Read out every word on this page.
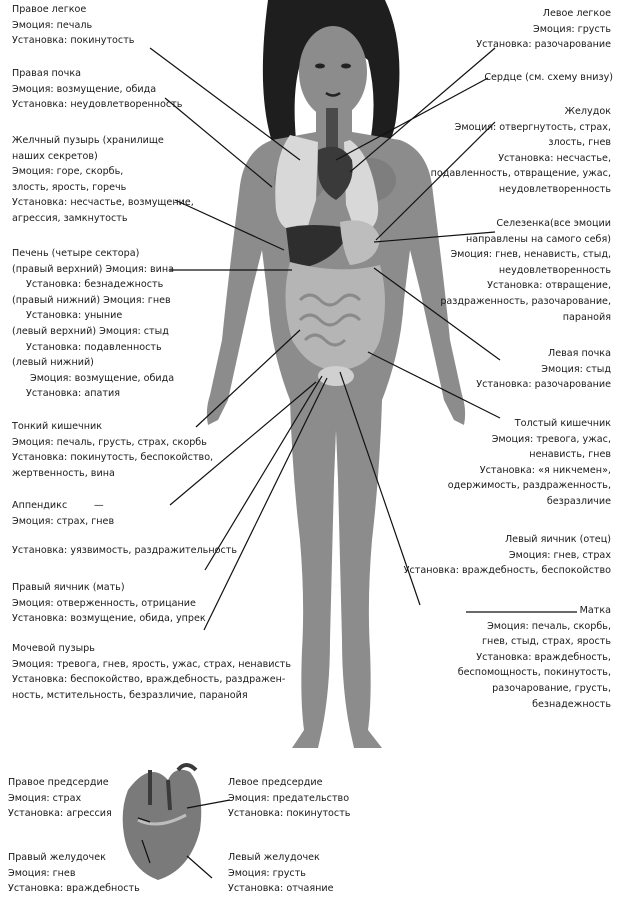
Правое легкое
Эмоция: печаль
Установка: покинутость
Левое легкое
Эмоция: грусть
Установка: разочарование
Правая почка
Эмоция: возмущение, обида
Установка: неудовлетворенность
Сердце (см. схему внизу)
Желудок
Эмоция: отвергнутость, страх,
злость, гнев
Установка: несчастье,
подавленность, отвращение, ужас,
неудовлетворенность
Желчный пузырь (хранилище
наших секретов)
Эмоция: горе, скорбь,
злость, ярость, горечь
Установка: несчастье, возмущение,
агрессия, замкнутость	Селезенка(все эмоции
направлены на самого себя)
Эмоция: гнев, ненависть, стыд,
неудовлетворенность
Установка: отвращение,
раздраженность, разочарование,
паранойя
Печень (четыре сектора)
(правый верхний) Эмоция: вина
Установка: безнадежность
(правый нижний) Эмоция: гнев
Установка: уныние
(левый верхний) Эмоция: стыд
Установка: подавленность
(левый нижний)
Эмоция: возмущение, обида
Установка: апатия
Левая почка
Эмоция: стыд
Установка: разочарование
Толстый кишечник
Эмоция: тревога, ужас,
ненависть, гнев
Установка: «я никчемен»,
одержимость, раздраженность,
безразличие
Тонкий кишечник
Эмоция: печаль, грусть, страх, скорбь
Установка: покинутость, беспокойство,
жертвенность, вина
Аппендикс
Эмоция: страх, гнев
Установка: уязвимость, раздражительность
—
Левый яичник (отец)
Эмоция: гнев, страх
Установка: враждебность, беспокойство
Правый яичник (мать)
Эмоция: отверженность, отрицание
Установка: возмущение, обида, упрек
Матка
Эмоция: печаль, скорбь,
гнев, стыд, страх, ярость
Установка: враждебность,
беспомощность, покинутость,
разочарование, грусть,
безнадежность
Мочевой пузырь
Эмоция: тревога, гнев, ярость, ужас, страх, ненависть
Установка: беспокойство, враждебность, раздражен-
ность, мстительность, безразличие, паранойя
Правое предсердие
Эмоция: страх
Установка: агрессия
Левое предсердие
Эмоция: предательство
Установка: покинутость
Правый желудочек
Эмоция: гнев
Установка: враждебность
Левый желудочек
Эмоция: грусть
Установка: отчаяние
